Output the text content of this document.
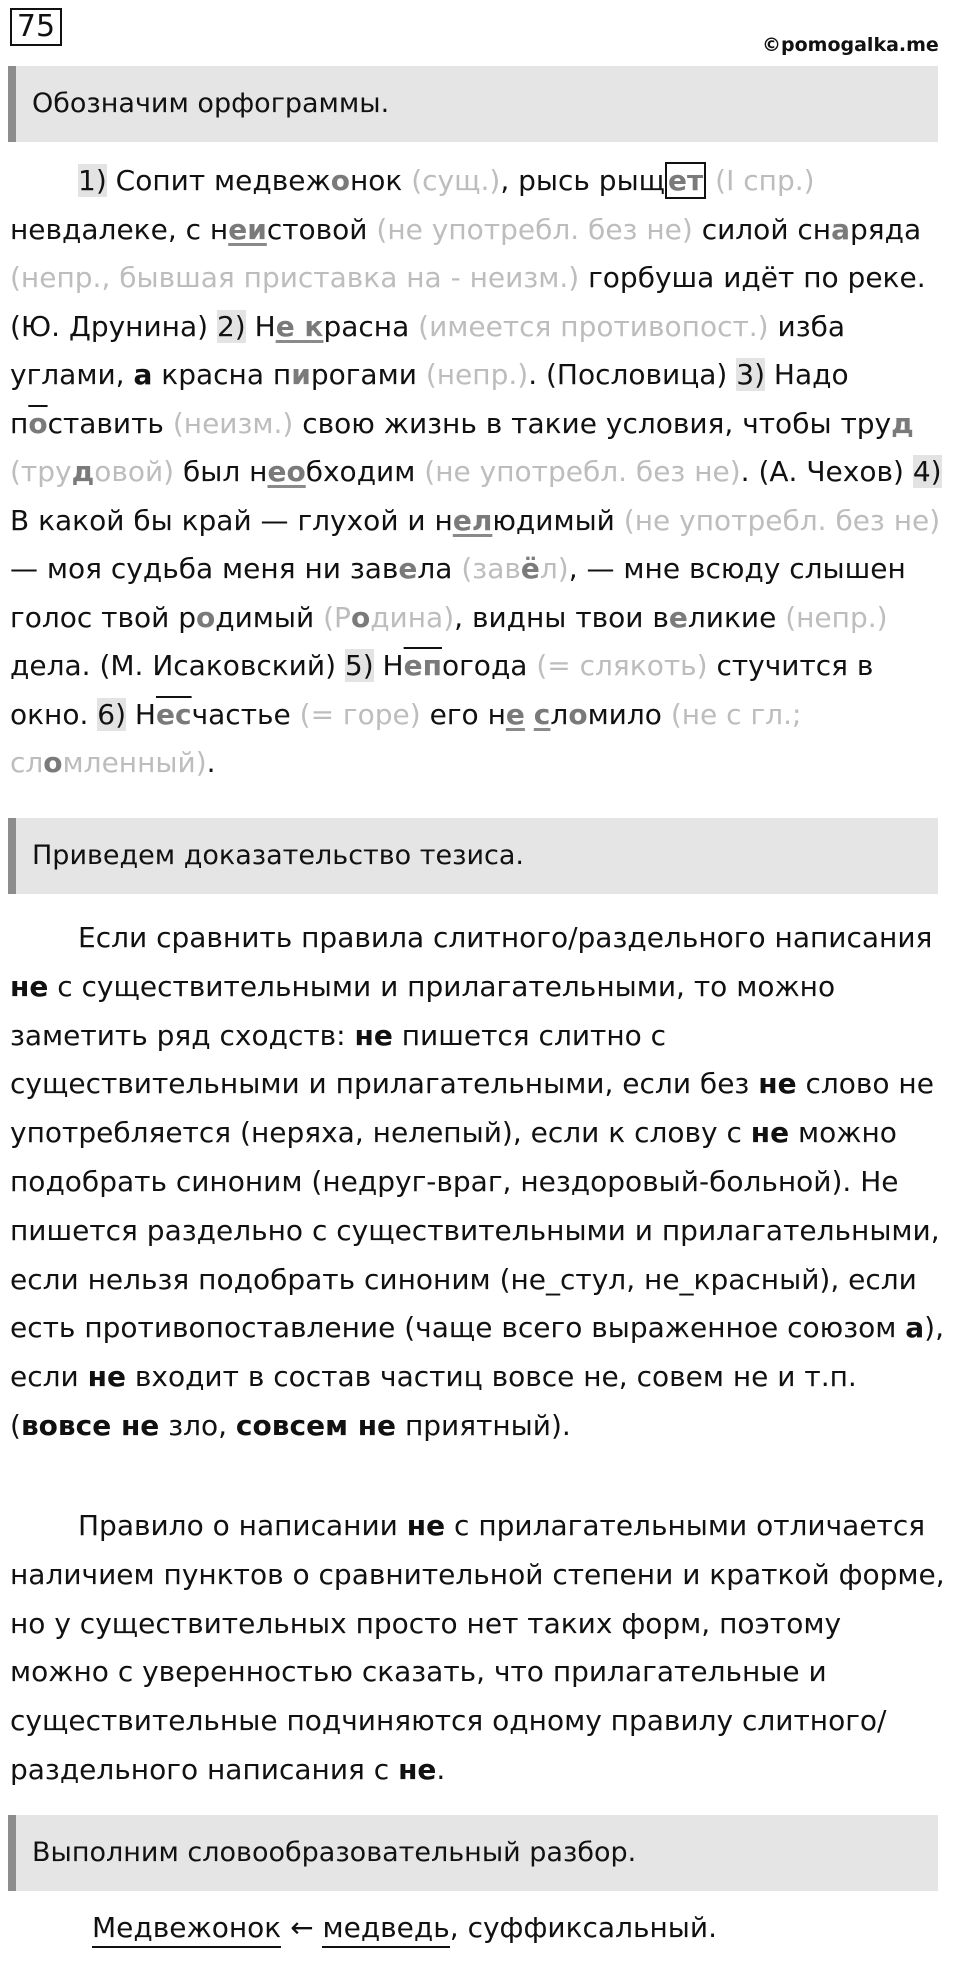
75
©pomogalka.me
Обозначим орфограммы.

1) Сопит медвежонок (сущ.), рысь рыщ ет (I спр.) невдалеке, с неистовой (не употребл. без не) силой снаряда (непр., бывшая приставка на - неизм.) горбуша идёт по реке. (Ю. Друнина) 2) Не красна (имеется противопост.) изба углами, а красна пирогами (непр.). (Пословица) 3) Надо поставить (неизм.) свою жизнь в такие условия, чтобы труд (трудовой) был необходим (не употребл. без не). (А. Чехов) 4) В какой бы край — глухой и нелюдимый (не употребл. без не) — моя судьба меня ни завела (завёл), — мне всюду слышен голос твой родимый (Родина), видны твои великие (непр.) дела. (М. Исаковский) 5) Непогода (= слякоть) стучится в окно. 6) Несчастье (= горе) его не сломило (не с гл.; сломленный).

Приведем доказательство тезиса.

Если сравнить правила слитного/раздельного написания не с существительными и прилагательными, то можно заметить ряд сходств: не пишется слитно с существительными и прилагательными, если без не слово не употребляется (неряха, нелепый), если к слову с не можно подобрать синоним (недруг-враг, нездоровый-больной). Не пишется раздельно с существительными и прилагательными, если нельзя подобрать синоним (не_стул, не_красный), если есть противопоставление (чаще всего выраженное союзом а), если не входит в состав частиц вовсе не, совем не и т.п. (вовсе не зло, совсем не приятный).

Правило о написании не с прилагательными отличается наличием пунктов о сравнительной степени и краткой форме, но у существительных просто нет таких форм, поэтому можно с уверенностью сказать, что прилагательные и существительные подчиняются одному правилу слитного/раздельного написания с не.

Выполним словообразовательный разбор.
Медвежонок ← медведь, суффиксальный.
